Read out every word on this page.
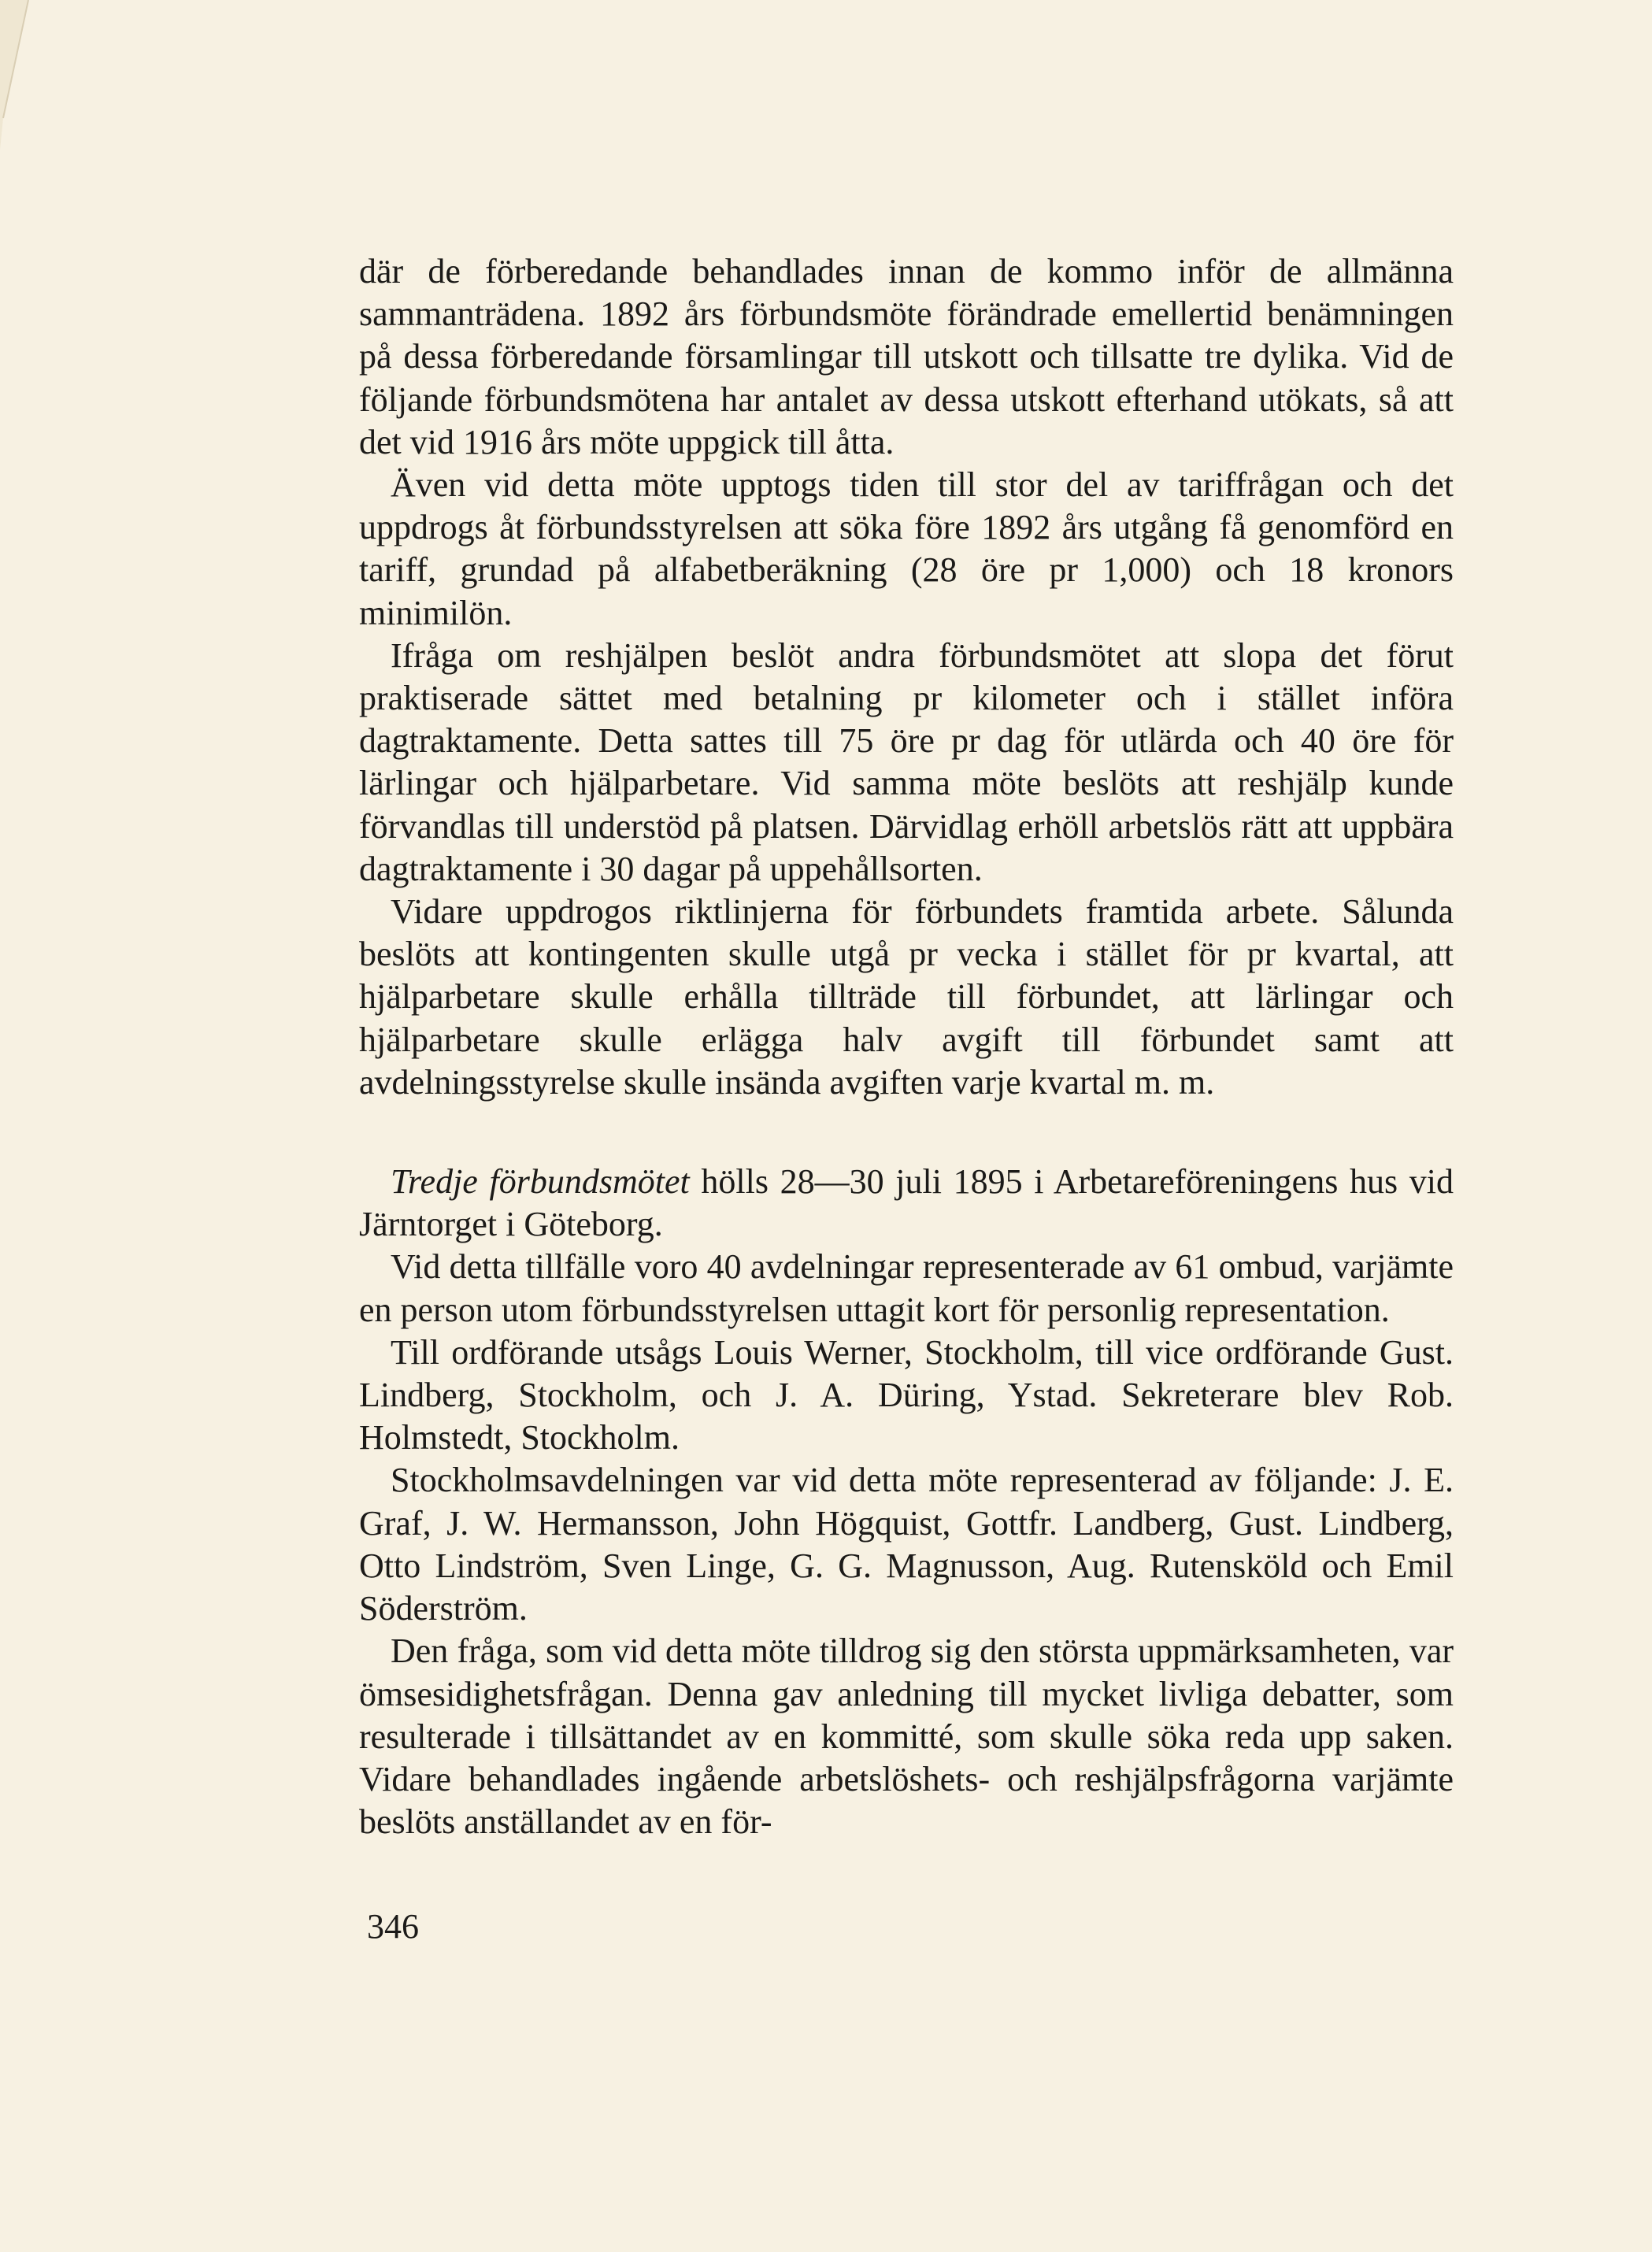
där de förberedande behandlades innan de kommo inför de allmänna sammanträdena. 1892 års förbundsmöte förändrade emellertid benämningen på dessa förberedande församlingar till utskott och tillsatte tre dylika. Vid de följande förbundsmötena har antalet av dessa utskott efterhand utökats, så att det vid 1916 års möte uppgick till åtta.

Även vid detta möte upptogs tiden till stor del av tariffrågan och det uppdrogs åt förbundsstyrelsen att söka före 1892 års utgång få genomförd en tariff, grundad på alfabetberäkning (28 öre pr 1,000) och 18 kronors minimilön.

Ifråga om reshjälpen beslöt andra förbundsmötet att slopa det förut praktiserade sättet med betalning pr kilometer och i stället införa dagtraktamente. Detta sattes till 75 öre pr dag för utlärda och 40 öre för lärlingar och hjälparbetare. Vid samma möte beslöts att reshjälp kunde förvandlas till understöd på platsen. Därvidlag erhöll arbetslös rätt att uppbära dagtraktamente i 30 dagar på uppehållsorten.

Vidare uppdrogos riktlinjerna för förbundets framtida arbete. Sålunda beslöts att kontingenten skulle utgå pr vecka i stället för pr kvartal, att hjälparbetare skulle erhålla tillträde till förbundet, att lärlingar och hjälparbetare skulle erlägga halv avgift till förbundet samt att avdelningsstyrelse skulle insända avgiften varje kvartal m. m.

Tredje förbundsmötet hölls 28—30 juli 1895 i Arbetareföreningens hus vid Järntorget i Göteborg.

Vid detta tillfälle voro 40 avdelningar representerade av 61 ombud, varjämte en person utom förbundsstyrelsen uttagit kort för personlig representation.

Till ordförande utsågs Louis Werner, Stockholm, till vice ordförande Gust. Lindberg, Stockholm, och J. A. Düring, Ystad. Sekreterare blev Rob. Holmstedt, Stockholm.

Stockholmsavdelningen var vid detta möte representerad av följande: J. E. Graf, J. W. Hermansson, John Högquist, Gottfr. Landberg, Gust. Lindberg, Otto Lindström, Sven Linge, G. G. Magnusson, Aug. Rutensköld och Emil Söderström.

Den fråga, som vid detta möte tilldrog sig den största uppmärksamheten, var ömsesidighetsfrågan. Denna gav anledning till mycket livliga debatter, som resulterade i tillsättandet av en kommitté, som skulle söka reda upp saken. Vidare behandlades ingående arbetslöshets- och reshjälpsfrågorna varjämte beslöts anställandet av en för-

346
